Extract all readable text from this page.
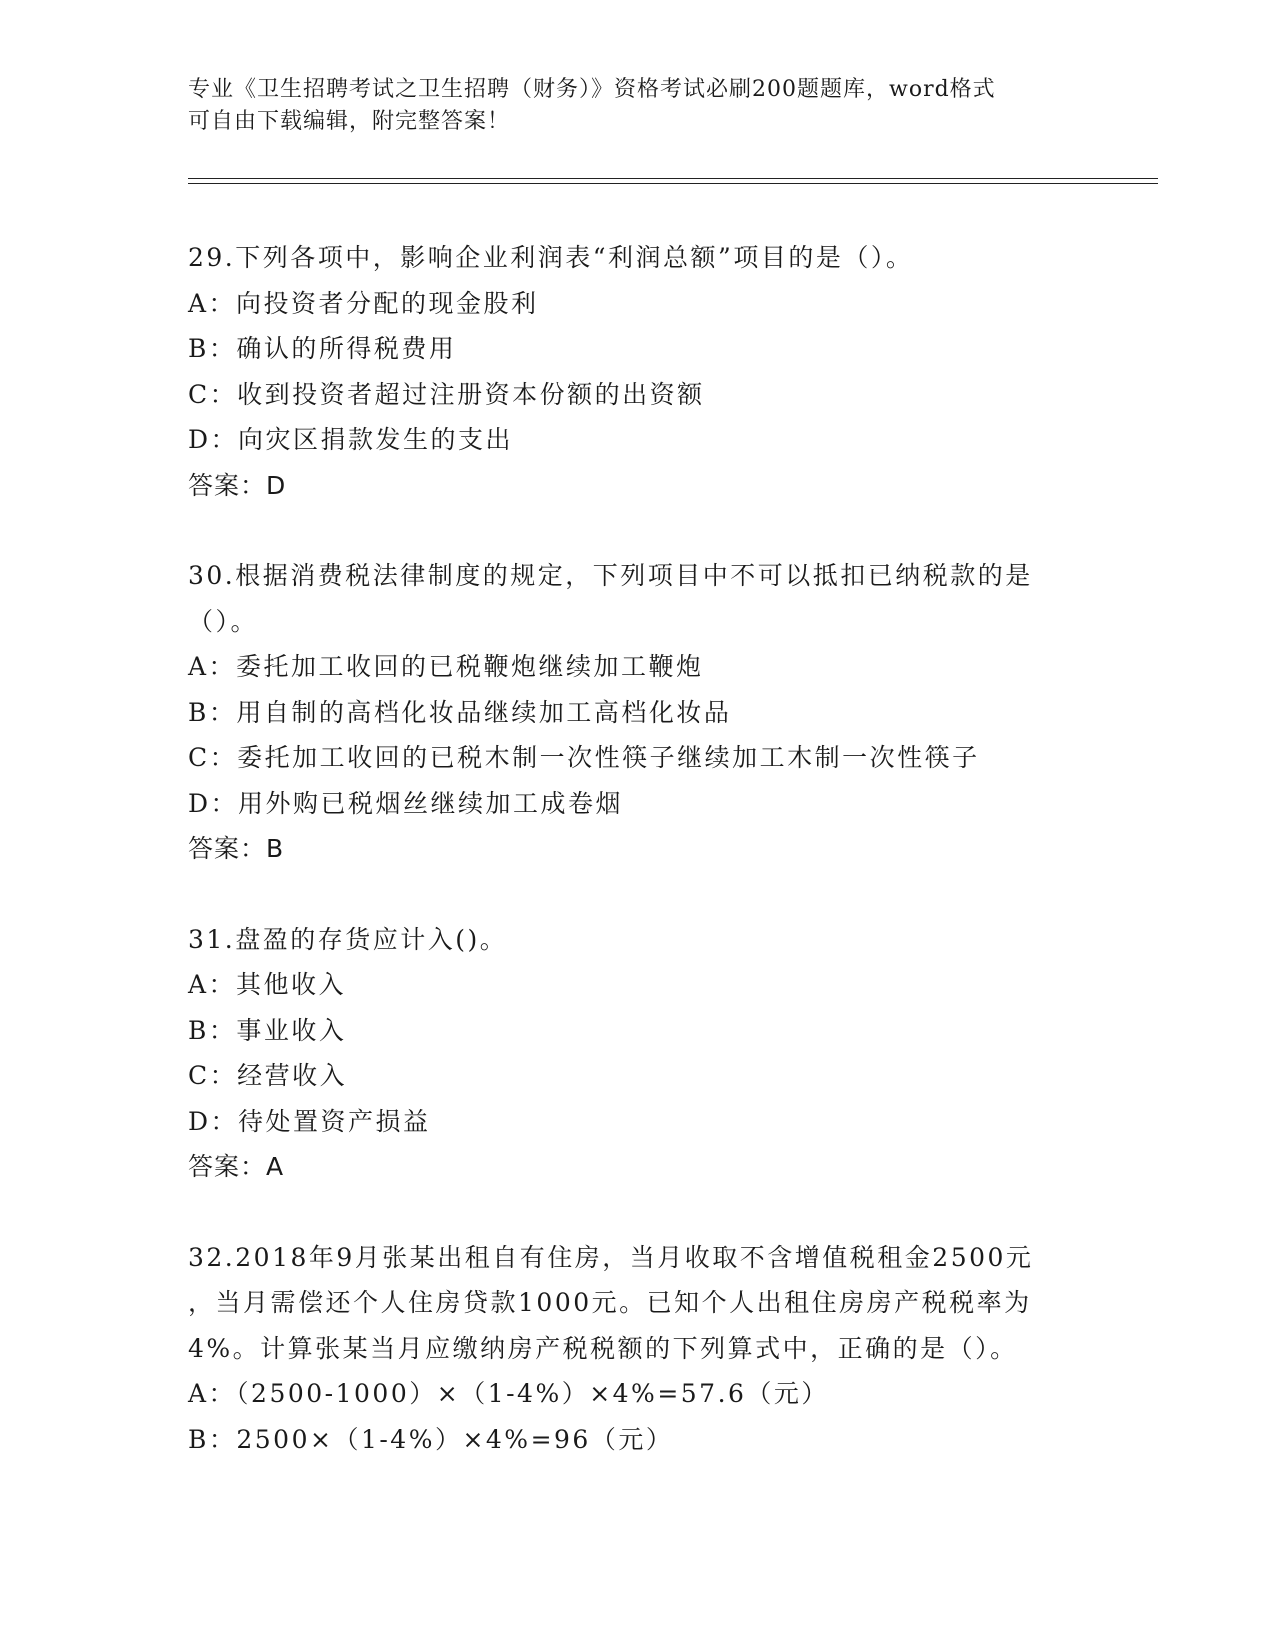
专业《卫生招聘考试之卫生招聘（财务）》资格考试必刷200题题库，word格式
可自由下载编辑，附完整答案！
29.下列各项中，影响企业利润表“利润总额”项目的是（）。
A：向投资者分配的现金股利
B：确认的所得税费用
C：收到投资者超过注册资本份额的出资额
D：向灾区捐款发生的支出
答案：D
30.根据消费税法律制度的规定，下列项目中不可以抵扣已纳税款的是
（）。
A：委托加工收回的已税鞭炮继续加工鞭炮
B：用自制的高档化妆品继续加工高档化妆品
C：委托加工收回的已税木制一次性筷子继续加工木制一次性筷子
D：用外购已税烟丝继续加工成卷烟
答案：B
31.盘盈的存货应计入()。
A：其他收入
B：事业收入
C：经营收入
D：待处置资产损益
答案：A
32.2018年9月张某出租自有住房，当月收取不含增值税租金2500元
，当月需偿还个人住房贷款1000元。已知个人出租住房房产税税率为
4%。计算张某当月应缴纳房产税税额的下列算式中，正确的是（）。
A：（2500-1000）×（1-4%）×4%=57.6（元）
B：2500×（1-4%）×4%=96（元）
